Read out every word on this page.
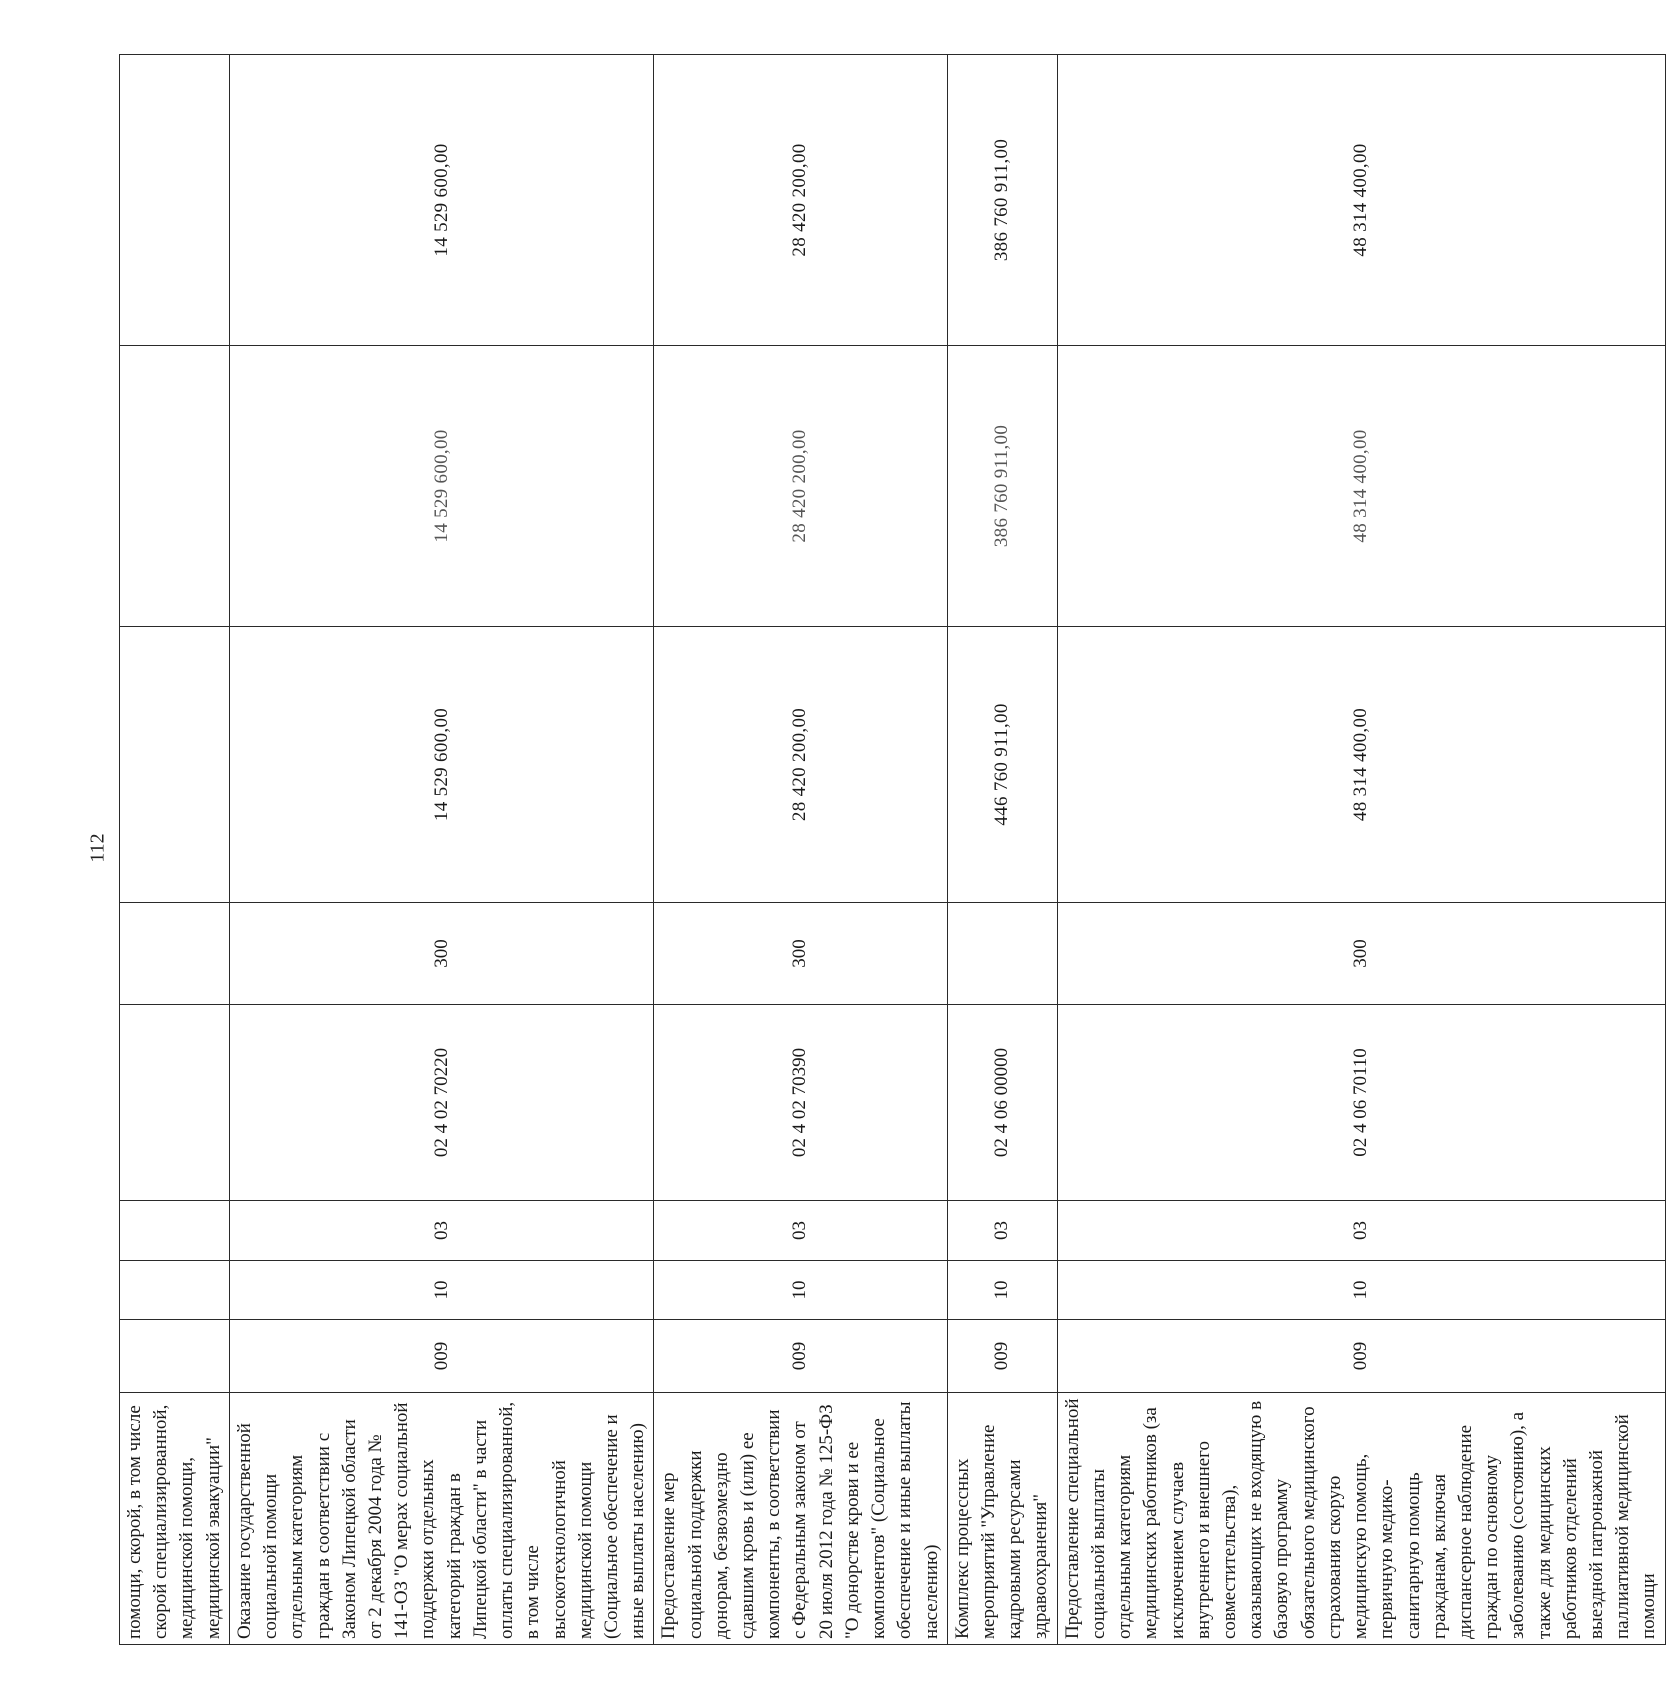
112
помощи, скорой, в том числе скорой специализированной, медицинской помощи, медицинской эвакуации"								
Оказание государственной социальной помощи отдельным категориям граждан в соответствии с Законом Липецкой области от 2 декабря 2004 года № 141-ОЗ "О мерах социальной поддержки отдельных категорий граждан в Липецкой области" в части оплаты специализированной, в том числе высокотехнологичной медицинской помощи (Социальное обеспечение и иные выплаты населению)	009	10	03	02 4 02 70220	300	14 529 600,00	14 529 600,00	14 529 600,00
Предоставление мер социальной поддержки донорам, безвозмездно сдавшим кровь и (или) ее компоненты, в соответствии с Федеральным законом от 20 июля 2012 года № 125-ФЗ "О донорстве крови и ее компонентов" (Социальное обеспечение и иные выплаты населению)	009	10	03	02 4 02 70390	300	28 420 200,00	28 420 200,00	28 420 200,00
Комплекс процессных мероприятий "Управление кадровыми ресурсами здравоохранения"	009	10	03	02 4 06 00000		446 760 911,00	386 760 911,00	386 760 911,00
Предоставление специальной социальной выплаты отдельным категориям медицинских работников (за исключением случаев внутреннего и внешнего совместительства), оказывающих не входящую в базовую программу обязательного медицинского страхования скорую медицинскую помощь, первичную медико-санитарную помощь гражданам, включая диспансерное наблюдение граждан по основному заболеванию (состоянию), а также для медицинских работников отделений выездной патронажной паллиативной медицинской помощи	009	10	03	02 4 06 70110	300	48 314 400,00	48 314 400,00	48 314 400,00
